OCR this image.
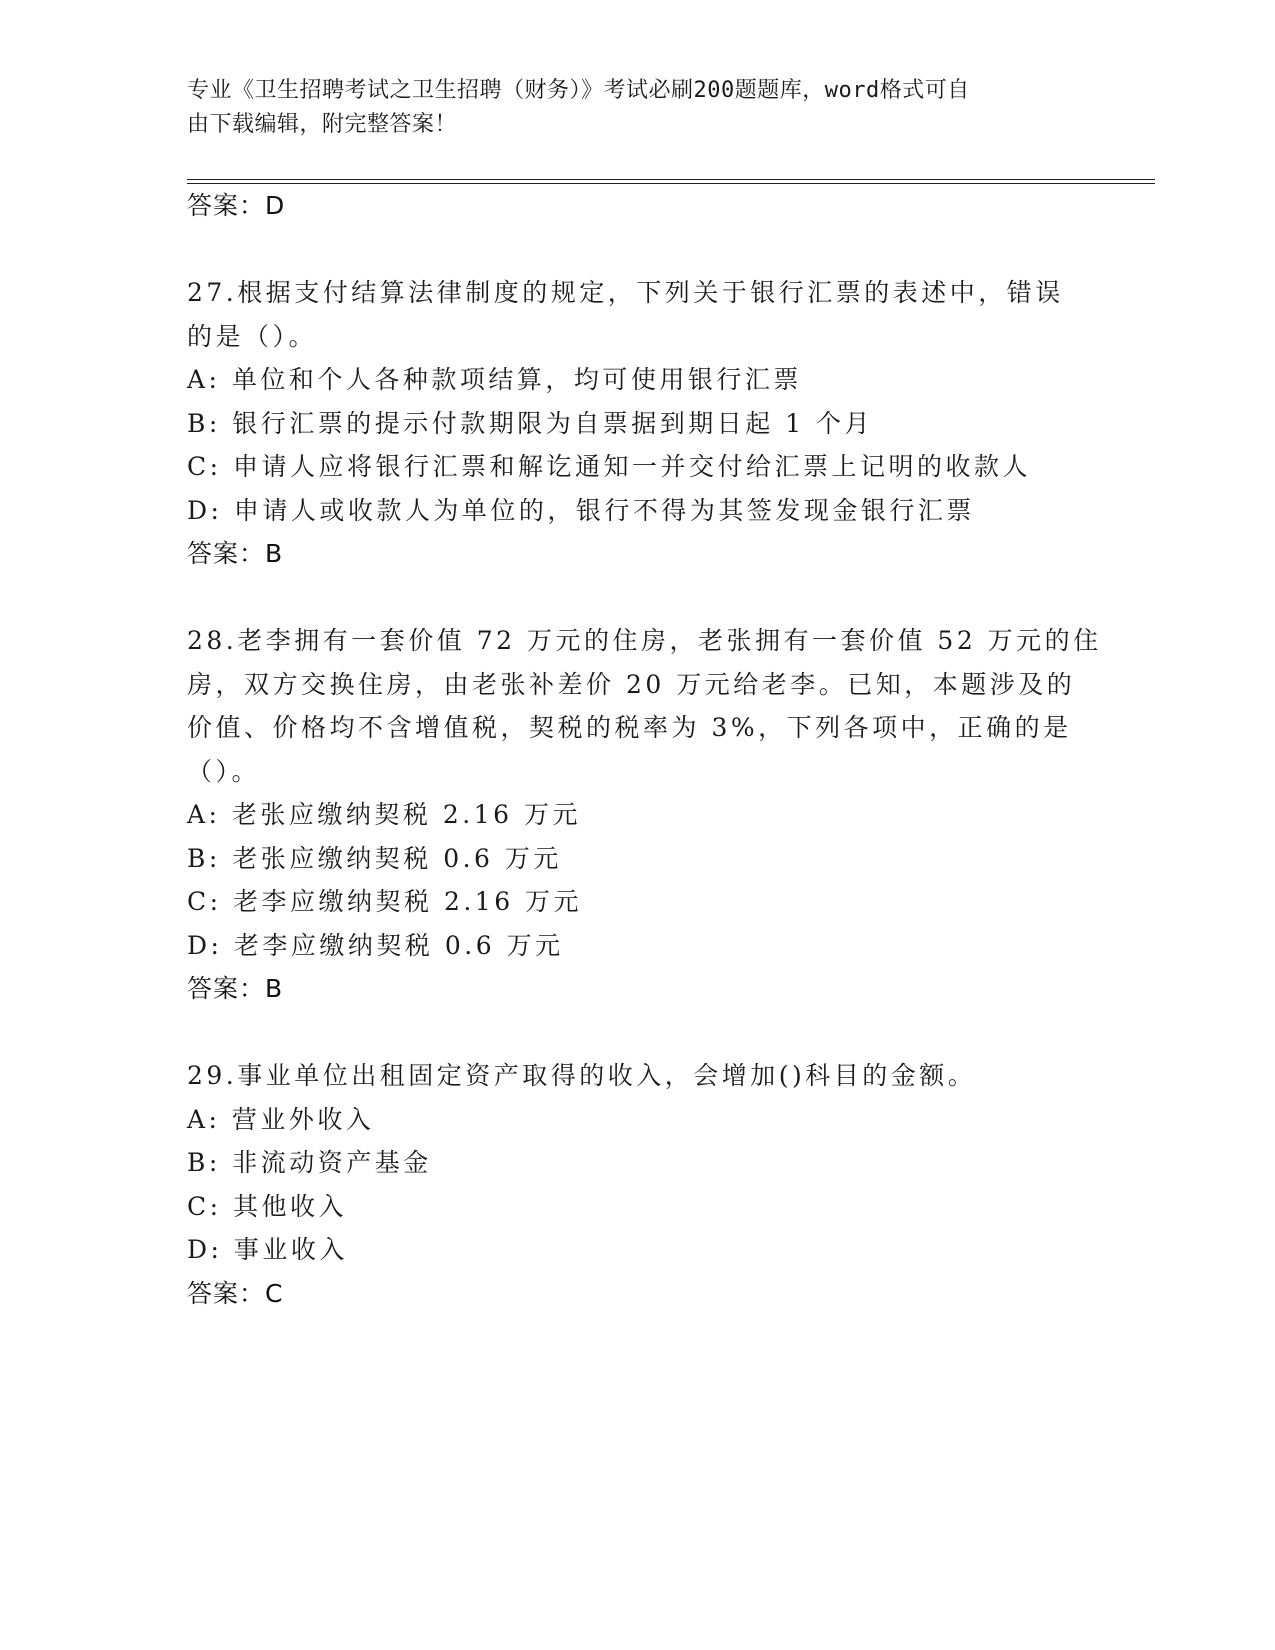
专业《卫生招聘考试之卫生招聘（财务）》考试必刷200题题库，word格式可自
由下载编辑，附完整答案！
答案：D
27.根据支付结算法律制度的规定，下列关于银行汇票的表述中，错误
的是（）。
A: 单位和个人各种款项结算，均可使用银行汇票
B: 银行汇票的提示付款期限为自票据到期日起 1 个月
C: 申请人应将银行汇票和解讫通知一并交付给汇票上记明的收款人
D: 申请人或收款人为单位的，银行不得为其签发现金银行汇票
答案：B
28.老李拥有一套价值 72 万元的住房，老张拥有一套价值 52 万元的住
房，双方交换住房，由老张补差价 20 万元给老李。已知，本题涉及的
价值、价格均不含增值税，契税的税率为 3%，下列各项中，正确的是
（）。
A: 老张应缴纳契税 2.16 万元
B: 老张应缴纳契税 0.6 万元
C: 老李应缴纳契税 2.16 万元
D: 老李应缴纳契税 0.6 万元
答案：B
29.事业单位出租固定资产取得的收入，会增加()科目的金额。
A: 营业外收入
B: 非流动资产基金
C: 其他收入
D: 事业收入
答案：C
